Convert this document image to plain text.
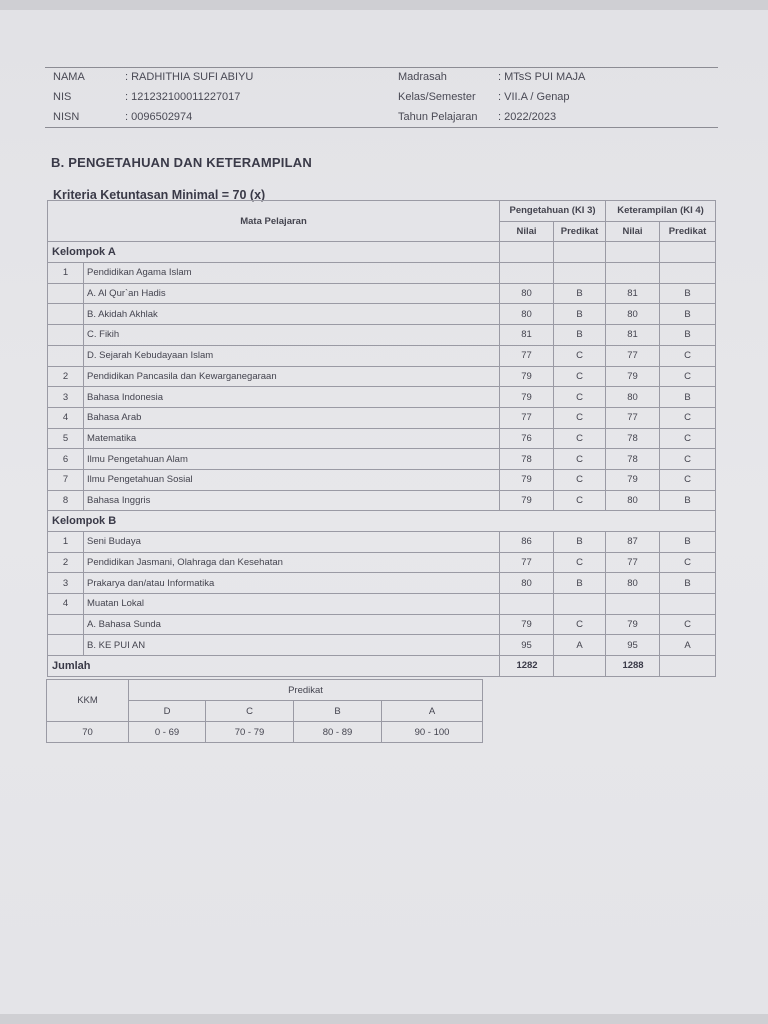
NAMA	: RADHITHIA SUFI ABIYU
NIS	: 121232100011227017
NISN	: 0096502974
Madrasah	: MTsS PUI MAJA
Kelas/Semester : VII.A / Genap
Tahun Pelajaran : 2022/2023
B. PENGETAHUAN DAN KETERAMPILAN
Kriteria Ketuntasan Minimal = 70 (x)
Mata Pelajaran		Pengetahuan (KI 3)		Keterampilan (KI 4)	
		Nilai	Predikat	Nilai	Predikat
Kelompok A					
1	Pendidikan Agama Islam				
	A. Al Qur`an Hadis	80	B	81	B
	B. Akidah Akhlak	80	B	80	B
	C. Fikih	81	B	81	B
	D. Sejarah Kebudayaan Islam	77	C	77	C
2	Pendidikan Pancasila dan Kewarganegaraan	79	C	79	C
3	Bahasa Indonesia	79	C	80	B
4	Bahasa Arab	77	C	77	C
5	Matematika	76	C	78	C
6	Ilmu Pengetahuan Alam	78	C	78	C
7	Ilmu Pengetahuan Sosial	79	C	79	C
8	Bahasa Inggris	79	C	80	B
Kelompok B					
1	Seni Budaya	86	B	87	B
2	Pendidikan Jasmani, Olahraga dan Kesehatan	77	C	77	C
3	Prakarya dan/atau Informatika	80	B	80	B
4	Muatan Lokal				
	A. Bahasa Sunda	79	C	79	C
	B. KE PUI AN	95	A	95	A
Jumlah		1282		1288	
KKM	Predikat			
	D	C	B	A
70	0 - 69	70 - 79	80 - 89	90 - 100
